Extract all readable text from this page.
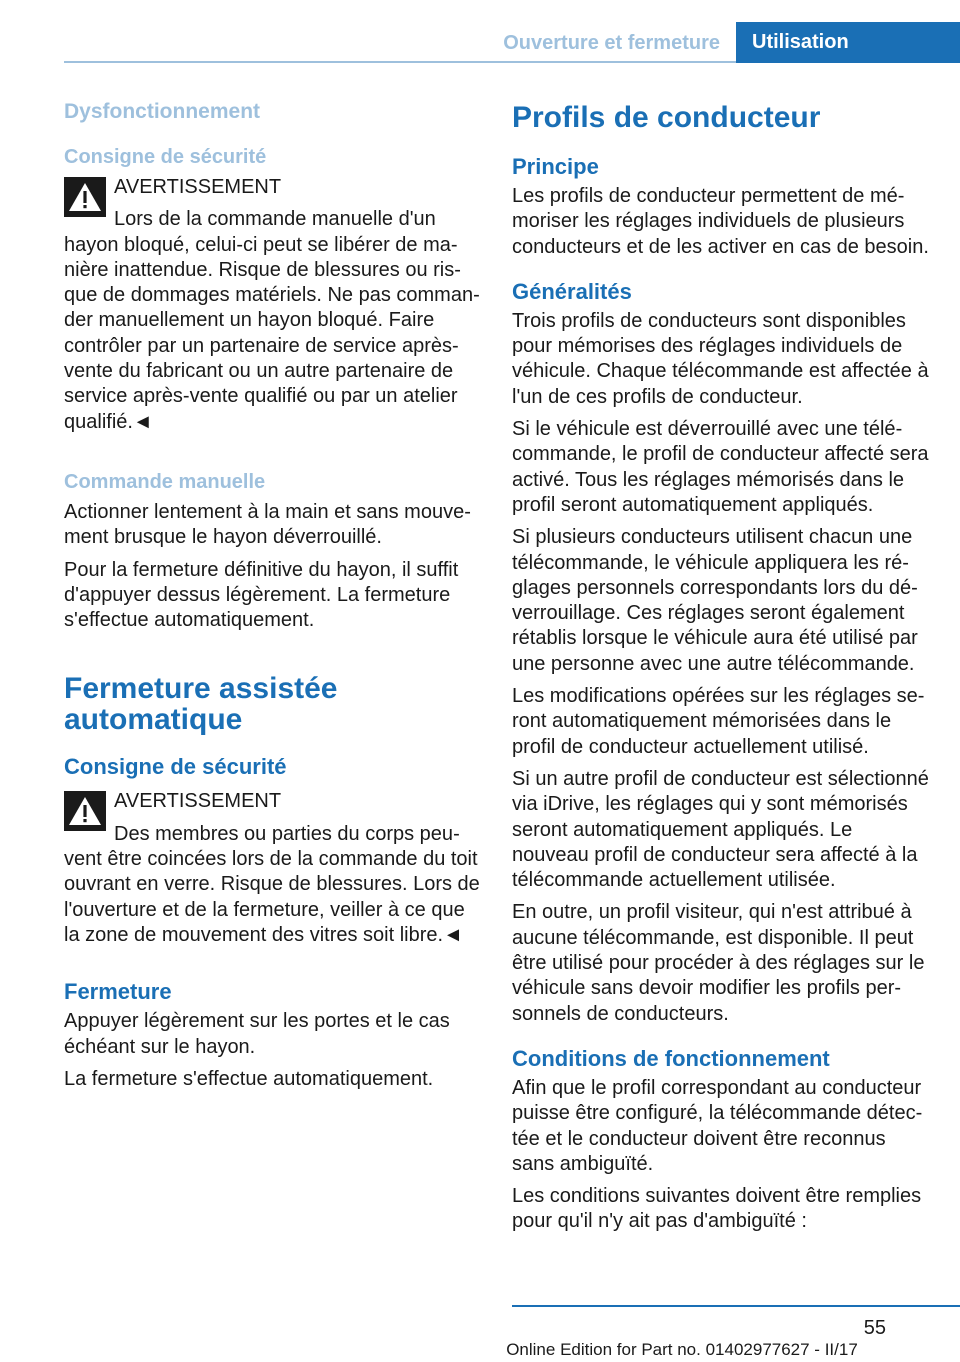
Ouverture et fermeture	Utilisation
Dysfonctionnement
Consigne de sécurité
AVERTISSEMENT
Lors de la commande manuelle d'un hayon bloqué, celui-ci peut se libérer de manière inattendue. Risque de blessures ou risque de dommages matériels. Ne pas commander manuellement un hayon bloqué. Faire contrôler par un partenaire de service après-vente du fabricant ou un autre partenaire de service après-vente qualifié ou par un atelier qualifié.◄
Commande manuelle
Actionner lentement à la main et sans mouvement brusque le hayon déverrouillé.
Pour la fermeture définitive du hayon, il suffit d'appuyer dessus légèrement. La fermeture s'effectue automatiquement.
Fermeture assistée automatique
Consigne de sécurité
AVERTISSEMENT
Des membres ou parties du corps peuvent être coincées lors de la commande du toit ouvrant en verre. Risque de blessures. Lors de l'ouverture et de la fermeture, veiller à ce que la zone de mouvement des vitres soit libre.◄
Fermeture
Appuyer légèrement sur les portes et le cas échéant sur le hayon.
La fermeture s'effectue automatiquement.
Profils de conducteur
Principe
Les profils de conducteur permettent de mémoriser les réglages individuels de plusieurs conducteurs et de les activer en cas de besoin.
Généralités
Trois profils de conducteurs sont disponibles pour mémorises des réglages individuels de véhicule. Chaque télécommande est affectée à l'un de ces profils de conducteur.
Si le véhicule est déverrouillé avec une télécommande, le profil de conducteur affecté sera activé. Tous les réglages mémorisés dans le profil seront automatiquement appliqués.
Si plusieurs conducteurs utilisent chacun une télécommande, le véhicule appliquera les réglages personnels correspondants lors du déverrouillage. Ces réglages seront également rétablis lorsque le véhicule aura été utilisé par une personne avec une autre télécommande.
Les modifications opérées sur les réglages seront automatiquement mémorisées dans le profil de conducteur actuellement utilisé.
Si un autre profil de conducteur est sélectionné via iDrive, les réglages qui y sont mémorisés seront automatiquement appliqués. Le nouveau profil de conducteur sera affecté à la télécommande actuellement utilisée.
En outre, un profil visiteur, qui n'est attribué à aucune télécommande, est disponible. Il peut être utilisé pour procéder à des réglages sur le véhicule sans devoir modifier les profils personnels de conducteurs.
Conditions de fonctionnement
Afin que le profil correspondant au conducteur puisse être configuré, la télécommande détectée et le conducteur doivent être reconnus sans ambiguïté.
Les conditions suivantes doivent être remplies pour qu'il n'y ait pas d'ambiguïté :
55
Online Edition for Part no. 01402977627 - II/17
